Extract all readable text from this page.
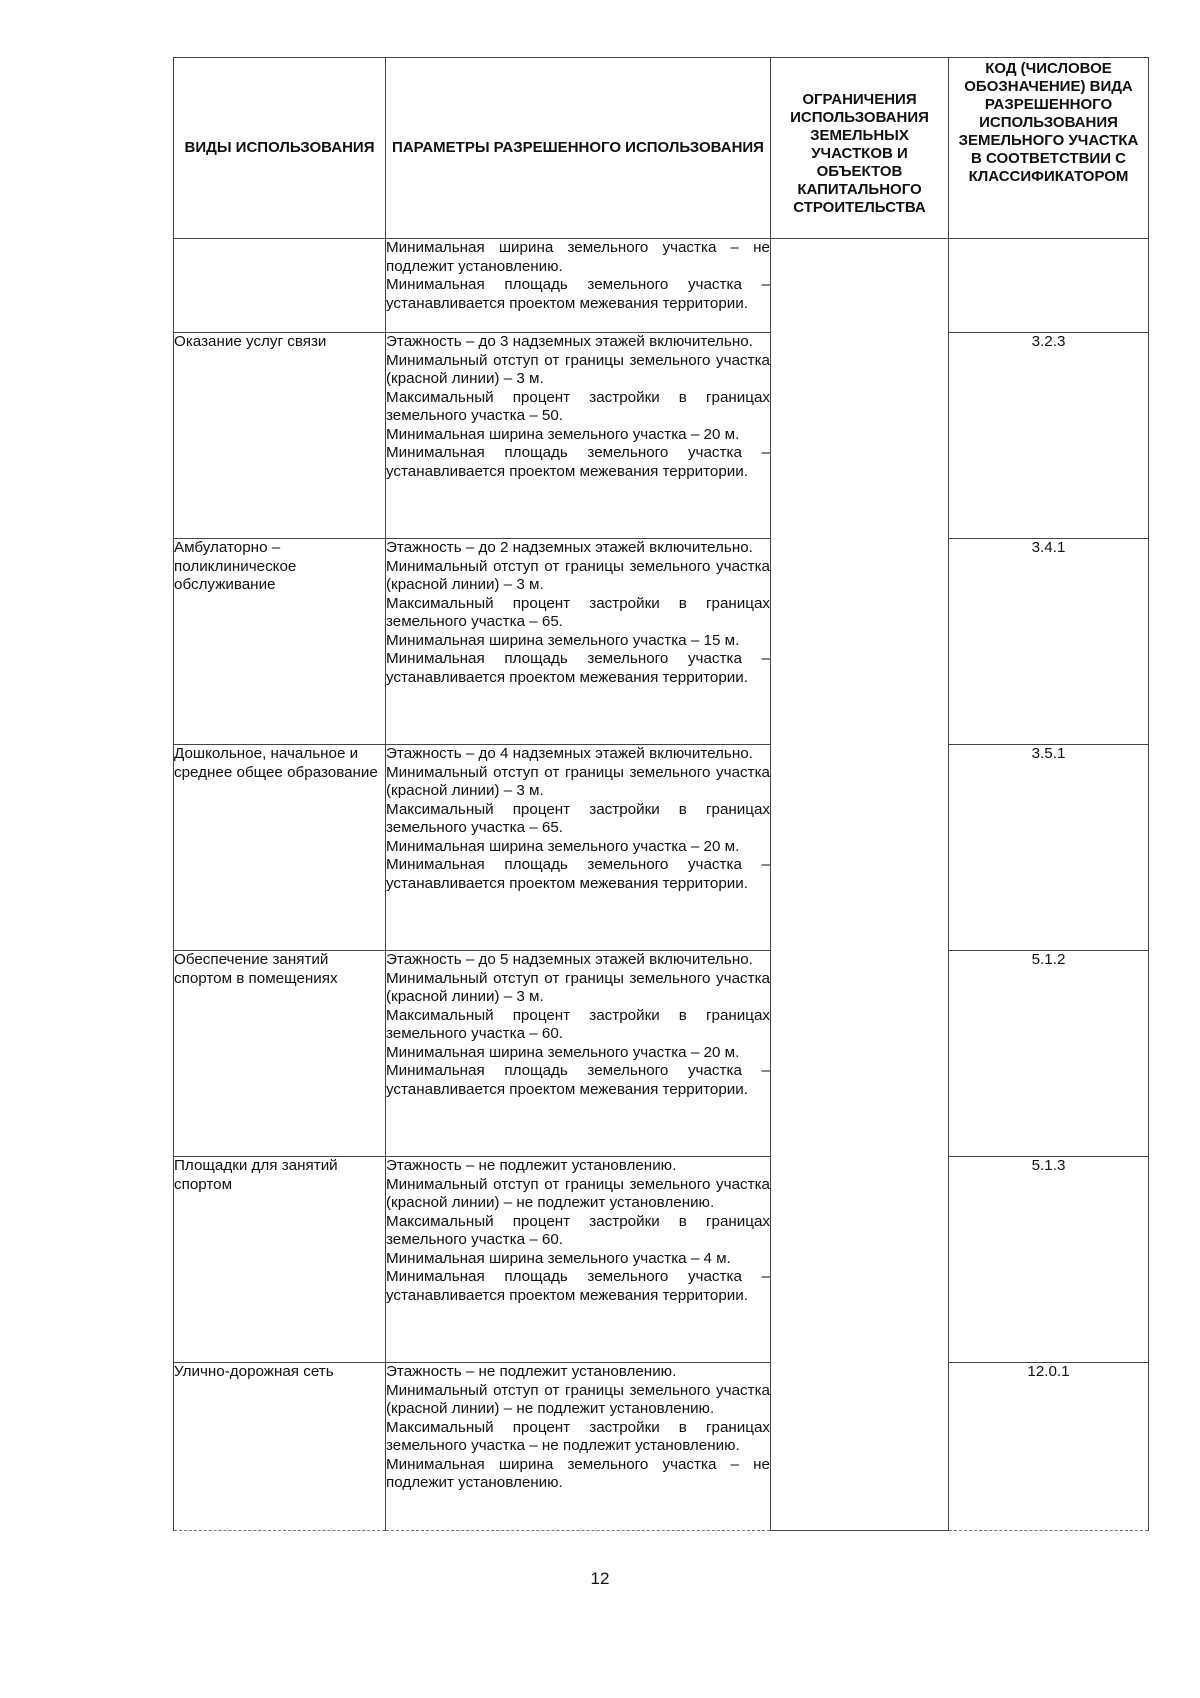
ВИДЫ ИСПОЛЬЗОВАНИЯ	ПАРАМЕТРЫ РАЗРЕШЕННОГО ИСПОЛЬЗОВАНИЯ	ОГРАНИЧЕНИЯ ИСПОЛЬЗОВАНИЯ ЗЕМЕЛЬНЫХ УЧАСТКОВ И ОБЪЕКТОВ КАПИТАЛЬНОГО СТРОИТЕЛЬСТВА	КОД (ЧИСЛОВОЕ ОБОЗНАЧЕНИЕ) ВИДА РАЗРЕШЕННОГО ИСПОЛЬЗОВАНИЯ ЗЕМЕЛЬНОГО УЧАСТКА В СООТВЕТСТВИИ С КЛАССИФИКАТОРОМ

	Минимальная ширина земельного участка – не подлежит установлению.
Минимальная площадь земельного участка – устанавливается проектом межевания территории.		

Оказание услуг связи	Этажность – до 3 надземных этажей включительно.
Минимальный отступ от границы земельного участка (красной линии) – 3 м.
Максимальный процент застройки в границах земельного участка – 50.
Минимальная ширина земельного участка – 20 м.
Минимальная площадь земельного участка – устанавливается проектом межевания территории.		3.2.3
Амбулаторно – поликлиническое обслуживание	Этажность – до 2 надземных этажей включительно.
Минимальный отступ от границы земельного участка (красной линии) – 3 м.
Максимальный процент застройки в границах земельного участка – 65.
Минимальная ширина земельного участка – 15 м.
Минимальная площадь земельного участка – устанавливается проектом межевания территории.		3.4.1
Дошкольное, начальное и среднее общее образование	Этажность – до 4 надземных этажей включительно.
Минимальный отступ от границы земельного участка (красной линии) – 3 м.
Максимальный процент застройки в границах земельного участка – 65.
Минимальная ширина земельного участка – 20 м.
Минимальная площадь земельного участка – устанавливается проектом межевания территории.		3.5.1
Обеспечение занятий спортом в помещениях	Этажность – до 5 надземных этажей включительно.
Минимальный отступ от границы земельного участка (красной линии) – 3 м.
Максимальный процент застройки в границах земельного участка – 60.
Минимальная ширина земельного участка – 20 м.
Минимальная площадь земельного участка – устанавливается проектом межевания территории.		5.1.2
Площадки для занятий спортом	Этажность – не подлежит установлению.
Минимальный отступ от границы земельного участка (красной линии) – не подлежит установлению.
Максимальный процент застройки в границах земельного участка – 60.
Минимальная ширина земельного участка – 4 м.
Минимальная площадь земельного участка – устанавливается проектом межевания территории.		5.1.3
Улично-дорожная сеть	Этажность – не подлежит установлению.
Минимальный отступ от границы земельного участка (красной линии) – не подлежит установлению.
Максимальный процент застройки в границах земельного участка – не подлежит установлению.
Минимальная ширина земельного участка – не подлежит установлению.		12.0.1
12
